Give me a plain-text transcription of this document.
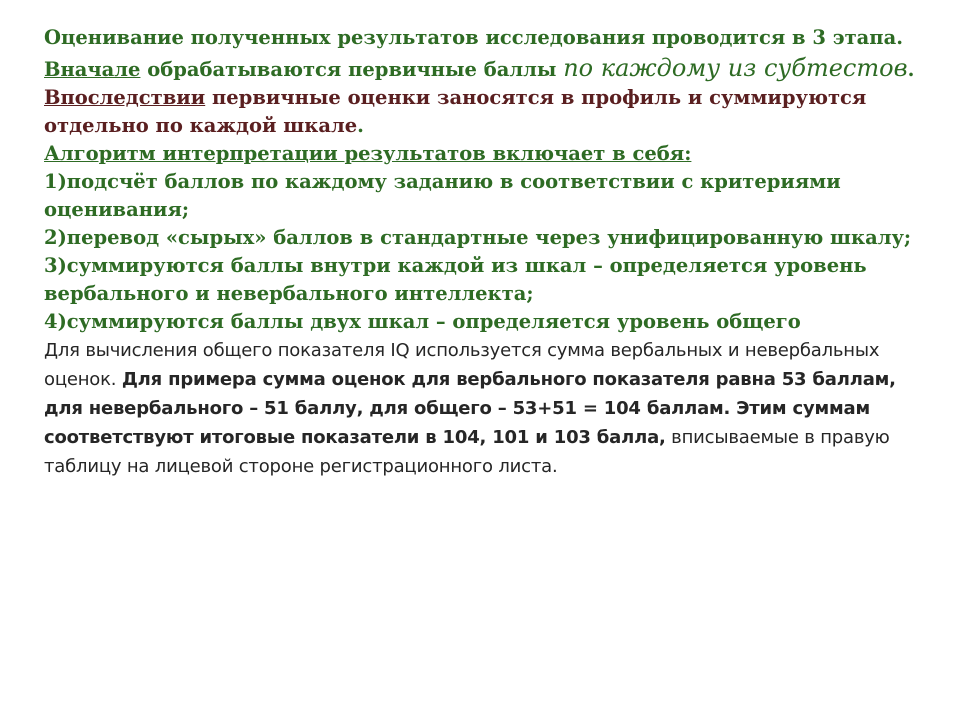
Оценивание полученных результатов исследования проводится в 3 этапа.

Вначале обрабатываются первичные баллы по каждому из субтестов. Впоследствии первичные оценки заносятся в профиль и суммируются отдельно по каждой шкале.

Алгоритм интерпретации результатов включает в себя:

1)подсчёт баллов по каждому заданию в соответствии с критериями оценивания;

2)перевод «сырых» баллов в стандартные через унифицированную шкалу;

3)суммируются баллы внутри каждой из шкал – определяется уровень вербального и невербального интеллекта;

4)суммируются баллы двух шкал – определяется уровень общего

Для вычисления общего показателя IQ используется сумма вербальных и невербальных оценок. Для примера сумма оценок для вербального показателя равна 53 баллам, для невербального – 51 баллу, для общего – 53+51 = 104 баллам. Этим суммам соответствуют итоговые показатели в 104, 101 и 103 балла, вписываемые в правую таблицу на лицевой стороне регистрационного листа.
